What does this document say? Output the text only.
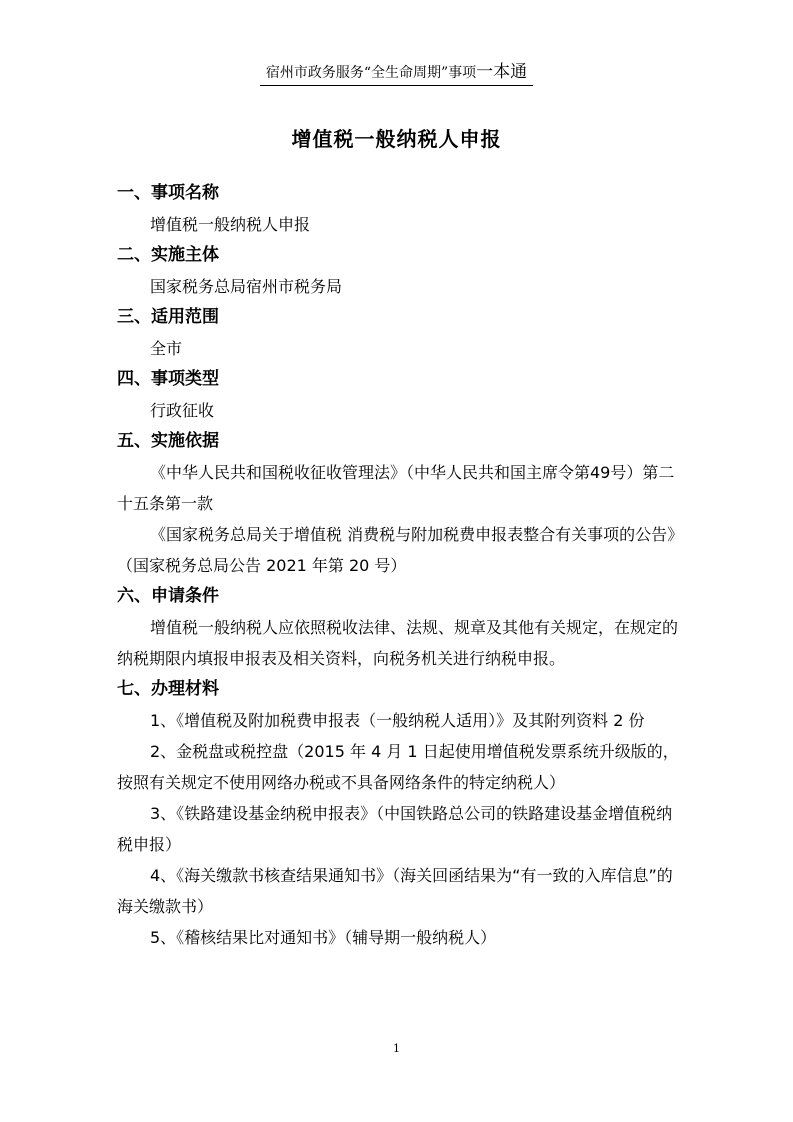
宿州市政务服务“全生命周期”事项一本通
增值税一般纳税人申报
一、事项名称

增值税一般纳税人申报

二、实施主体

国家税务总局宿州市税务局

三、适用范围

全市

四、事项类型

行政征收

五、实施依据

《中华人民共和国税收征收管理法》（中华人民共和国主席令第49号）第二十五条第一款

《国家税务总局关于增值税 消费税与附加税费申报表整合有关事项的公告》（国家税务总局公告 2021 年第 20 号）

六、申请条件

增值税一般纳税人应依照税收法律、法规、规章及其他有关规定，在规定的纳税期限内填报申报表及相关资料，向税务机关进行纳税申报。

七、办理材料

1、《增值税及附加税费申报表（一般纳税人适用）》及其附列资料 2 份

2、金税盘或税控盘（2015 年 4 月 1 日起使用增值税发票系统升级版的，按照有关规定不使用网络办税或不具备网络条件的特定纳税人）

3、《铁路建设基金纳税申报表》（中国铁路总公司的铁路建设基金增值税纳税申报）

4、《海关缴款书核查结果通知书》（海关回函结果为“有一致的入库信息”的海关缴款书）

5、《稽核结果比对通知书》（辅导期一般纳税人）

1
